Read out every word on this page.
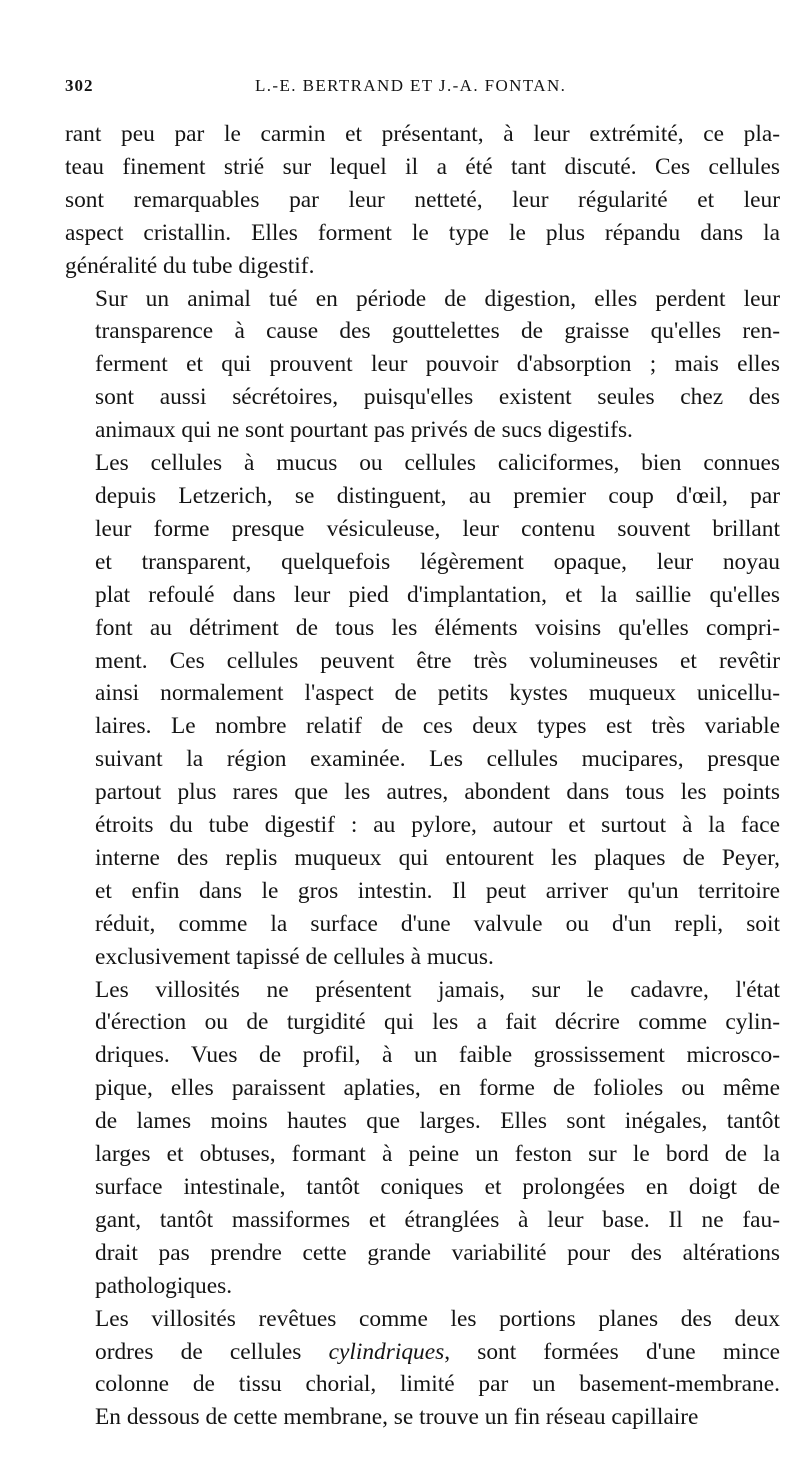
302	L.-E. BERTRAND ET J.-A. FONTAN.

rant peu par le carmin et présentant, à leur extrémité, ce pla-
teau finement strié sur lequel il a été tant discuté. Ces cellules
sont remarquables par leur netteté, leur régularité et leur
aspect cristallin. Elles forment le type le plus répandu dans la
généralité du tube digestif.

Sur un animal tué en période de digestion, elles perdent leur
transparence à cause des gouttelettes de graisse qu'elles ren-
ferment et qui prouvent leur pouvoir d'absorption ; mais elles
sont aussi sécrétoires, puisqu'elles existent seules chez des
animaux qui ne sont pourtant pas privés de sucs digestifs.

Les cellules à mucus ou cellules caliciformes, bien connues
depuis Letzerich, se distinguent, au premier coup d'œil, par
leur forme presque vésiculeuse, leur contenu souvent brillant
et transparent, quelquefois légèrement opaque, leur noyau
plat refoulé dans leur pied d'implantation, et la saillie qu'elles
font au détriment de tous les éléments voisins qu'elles compri-
ment. Ces cellules peuvent être très volumineuses et revêtir
ainsi normalement l'aspect de petits kystes muqueux unicellu-
laires. Le nombre relatif de ces deux types est très variable
suivant la région examinée. Les cellules mucipares, presque
partout plus rares que les autres, abondent dans tous les points
étroits du tube digestif : au pylore, autour et surtout à la face
interne des replis muqueux qui entourent les plaques de Peyer,
et enfin dans le gros intestin. Il peut arriver qu'un territoire
réduit, comme la surface d'une valvule ou d'un repli, soit
exclusivement tapissé de cellules à mucus.

Les villosités ne présentent jamais, sur le cadavre, l'état
d'érection ou de turgidité qui les a fait décrire comme cylin-
driques. Vues de profil, à un faible grossissement microsco-
pique, elles paraissent aplaties, en forme de folioles ou même
de lames moins hautes que larges. Elles sont inégales, tantôt
larges et obtuses, formant à peine un feston sur le bord de la
surface intestinale, tantôt coniques et prolongées en doigt de
gant, tantôt massiformes et étranglées à leur base. Il ne fau-
drait pas prendre cette grande variabilité pour des altérations
pathologiques.

Les villosités revêtues comme les portions planes des deux
ordres de cellules cylindriques, sont formées d'une mince
colonne de tissu chorial, limité par un basement-membrane.
En dessous de cette membrane, se trouve un fin réseau capillaire
